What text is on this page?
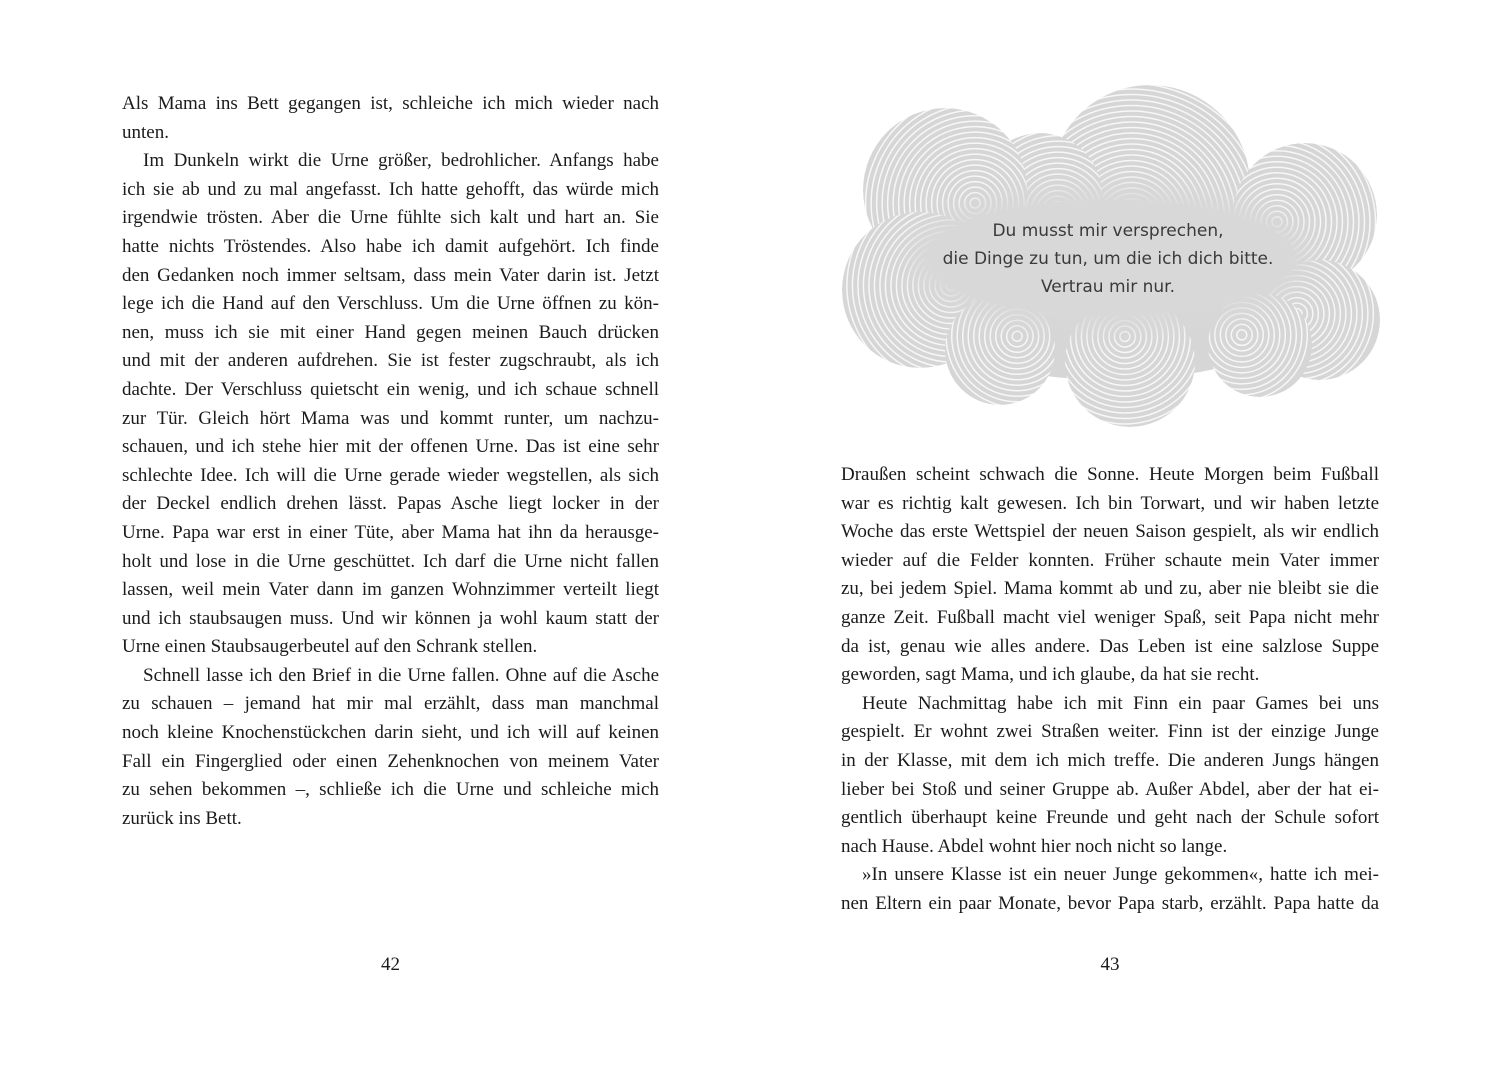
Als Mama ins Bett gegangen ist, schleiche ich mich wieder nach
unten.
Im Dunkeln wirkt die Urne größer, bedrohlicher. Anfangs habe
ich sie ab und zu mal angefasst. Ich hatte gehofft, das würde mich
irgendwie trösten. Aber die Urne fühlte sich kalt und hart an. Sie
hatte nichts Tröstendes. Also habe ich damit aufgehört. Ich finde
den Gedanken noch immer seltsam, dass mein Vater darin ist. Jetzt
lege ich die Hand auf den Verschluss. Um die Urne öffnen zu kön-
nen, muss ich sie mit einer Hand gegen meinen Bauch drücken
und mit der anderen aufdrehen. Sie ist fester zugschraubt, als ich
dachte. Der Verschluss quietscht ein wenig, und ich schaue schnell
zur Tür. Gleich hört Mama was und kommt runter, um nachzu-
schauen, und ich stehe hier mit der offenen Urne. Das ist eine sehr
schlechte Idee. Ich will die Urne gerade wieder wegstellen, als sich
der Deckel endlich drehen lässt. Papas Asche liegt locker in der
Urne. Papa war erst in einer Tüte, aber Mama hat ihn da herausge-
holt und lose in die Urne geschüttet. Ich darf die Urne nicht fallen
lassen, weil mein Vater dann im ganzen Wohnzimmer verteilt liegt
und ich staubsaugen muss. Und wir können ja wohl kaum statt der
Urne einen Staubsaugerbeutel auf den Schrank stellen.
Schnell lasse ich den Brief in die Urne fallen. Ohne auf die Asche
zu schauen – jemand hat mir mal erzählt, dass man manchmal
noch kleine Knochenstückchen darin sieht, und ich will auf keinen
Fall ein Fingerglied oder einen Zehenknochen von meinem Vater
zu sehen bekommen –, schließe ich die Urne und schleiche mich
zurück ins Bett.
42
Du musst mir versprechen,
die Dinge zu tun, um die ich dich bitte.
Vertrau mir nur.
Draußen scheint schwach die Sonne. Heute Morgen beim Fußball
war es richtig kalt gewesen. Ich bin Torwart, und wir haben letzte
Woche das erste Wettspiel der neuen Saison gespielt, als wir endlich
wieder auf die Felder konnten. Früher schaute mein Vater immer
zu, bei jedem Spiel. Mama kommt ab und zu, aber nie bleibt sie die
ganze Zeit. Fußball macht viel weniger Spaß, seit Papa nicht mehr
da ist, genau wie alles andere. Das Leben ist eine salzlose Suppe
geworden, sagt Mama, und ich glaube, da hat sie recht.
Heute Nachmittag habe ich mit Finn ein paar Games bei uns
gespielt. Er wohnt zwei Straßen weiter. Finn ist der einzige Junge
in der Klasse, mit dem ich mich treffe. Die anderen Jungs hängen
lieber bei Stoß und seiner Gruppe ab. Außer Abdel, aber der hat ei-
gentlich überhaupt keine Freunde und geht nach der Schule sofort
nach Hause. Abdel wohnt hier noch nicht so lange.
»In unsere Klasse ist ein neuer Junge gekommen«, hatte ich mei-
nen Eltern ein paar Monate, bevor Papa starb, erzählt. Papa hatte da
43
